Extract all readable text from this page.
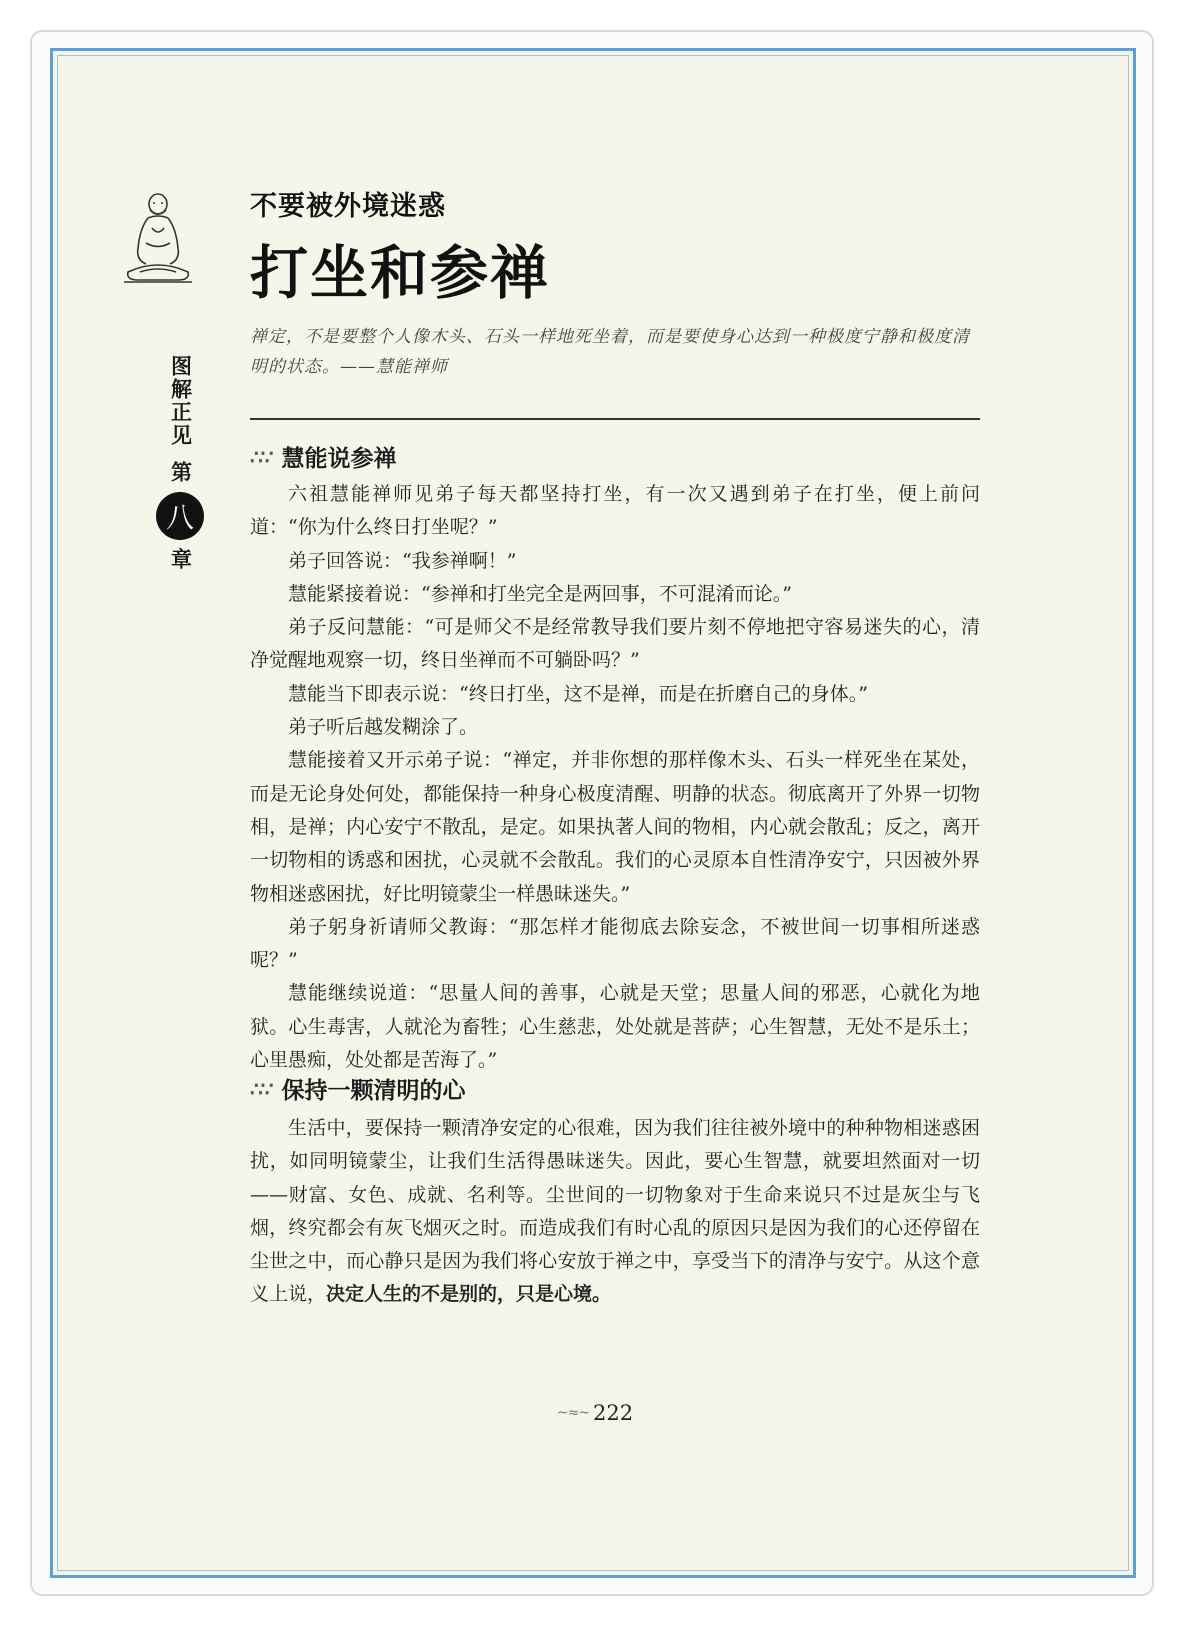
图解正见
第
八
章
不要被外境迷惑
打坐和参禅
禅定，不是要整个人像木头、石头一样地死坐着，而是要使身心达到一种极度宁静和极度清明的状态。——慧能禅师
∴∵ 慧能说参禅

六祖慧能禅师见弟子每天都坚持打坐，有一次又遇到弟子在打坐，便上前问道：“你为什么终日打坐呢？”

弟子回答说：“我参禅啊！”

慧能紧接着说：“参禅和打坐完全是两回事，不可混淆而论。”

弟子反问慧能：“可是师父不是经常教导我们要片刻不停地把守容易迷失的心，清净觉醒地观察一切，终日坐禅而不可躺卧吗？”

慧能当下即表示说：“终日打坐，这不是禅，而是在折磨自己的身体。”

弟子听后越发糊涂了。

慧能接着又开示弟子说：“禅定，并非你想的那样像木头、石头一样死坐在某处，而是无论身处何处，都能保持一种身心极度清醒、明静的状态。彻底离开了外界一切物相，是禅；内心安宁不散乱，是定。如果执著人间的物相，内心就会散乱；反之，离开一切物相的诱惑和困扰，心灵就不会散乱。我们的心灵原本自性清净安宁，只因被外界物相迷惑困扰，好比明镜蒙尘一样愚昧迷失。”

弟子躬身祈请师父教诲：“那怎样才能彻底去除妄念，不被世间一切事相所迷惑呢？”

慧能继续说道：“思量人间的善事，心就是天堂；思量人间的邪恶，心就化为地狱。心生毒害，人就沦为畜牲；心生慈悲，处处就是菩萨；心生智慧，无处不是乐土；心里愚痴，处处都是苦海了。”

∴∵ 保持一颗清明的心

生活中，要保持一颗清净安定的心很难，因为我们往往被外境中的种种物相迷惑困扰，如同明镜蒙尘，让我们生活得愚昧迷失。因此，要心生智慧，就要坦然面对一切——财富、女色、成就、名利等。尘世间的一切物象对于生命来说只不过是灰尘与飞烟，终究都会有灰飞烟灭之时。而造成我们有时心乱的原因只是因为我们的心还停留在尘世之中，而心静只是因为我们将心安放于禅之中，享受当下的清净与安宁。从这个意义上说，决定人生的不是别的，只是心境。

~≈~ 222
